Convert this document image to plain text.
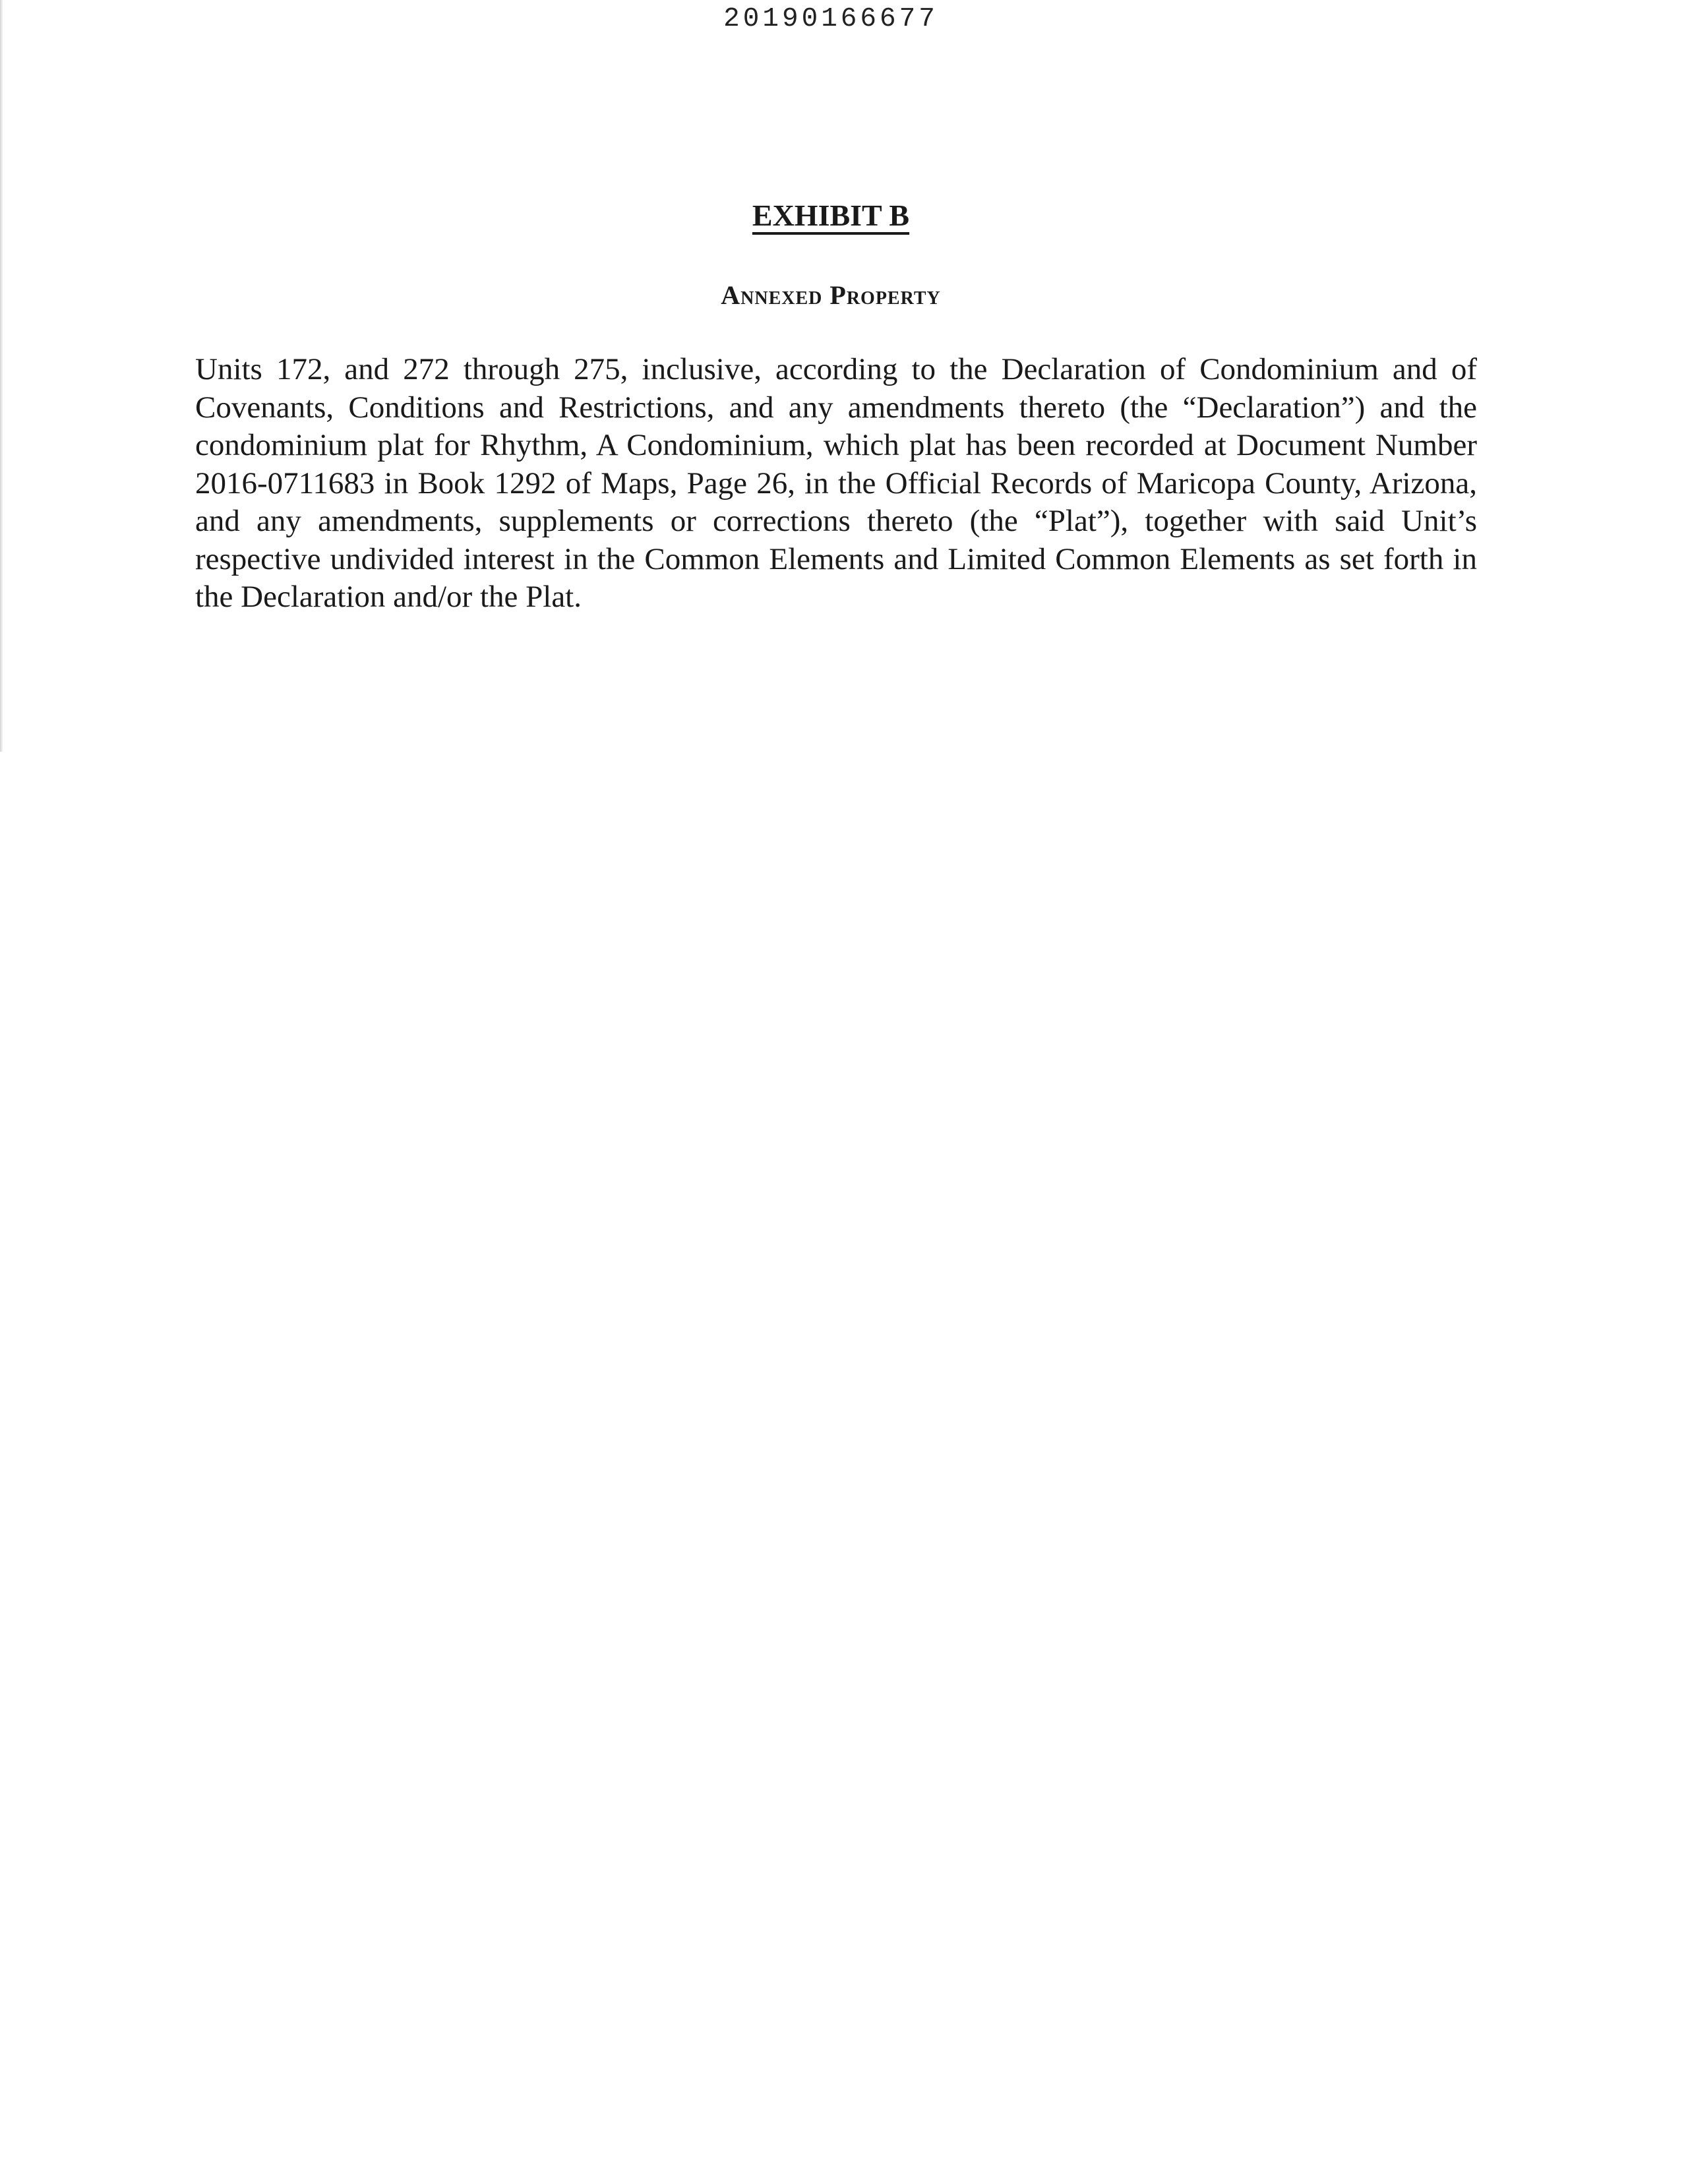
20190166677
EXHIBIT B
Annexed Property

Units 172, and 272 through 275, inclusive, according to the Declaration of Condominium and of Covenants, Conditions and Restrictions, and any amendments thereto (the “Declaration”) and the condominium plat for Rhythm, A Condominium, which plat has been recorded at Document Number 2016-0711683 in Book 1292 of Maps, Page 26, in the Official Records of Maricopa County, Arizona, and any amendments, supplements or corrections thereto (the “Plat”), together with said Unit’s respective undivided interest in the Common Elements and Limited Common Elements as set forth in the Declaration and/or the Plat.
